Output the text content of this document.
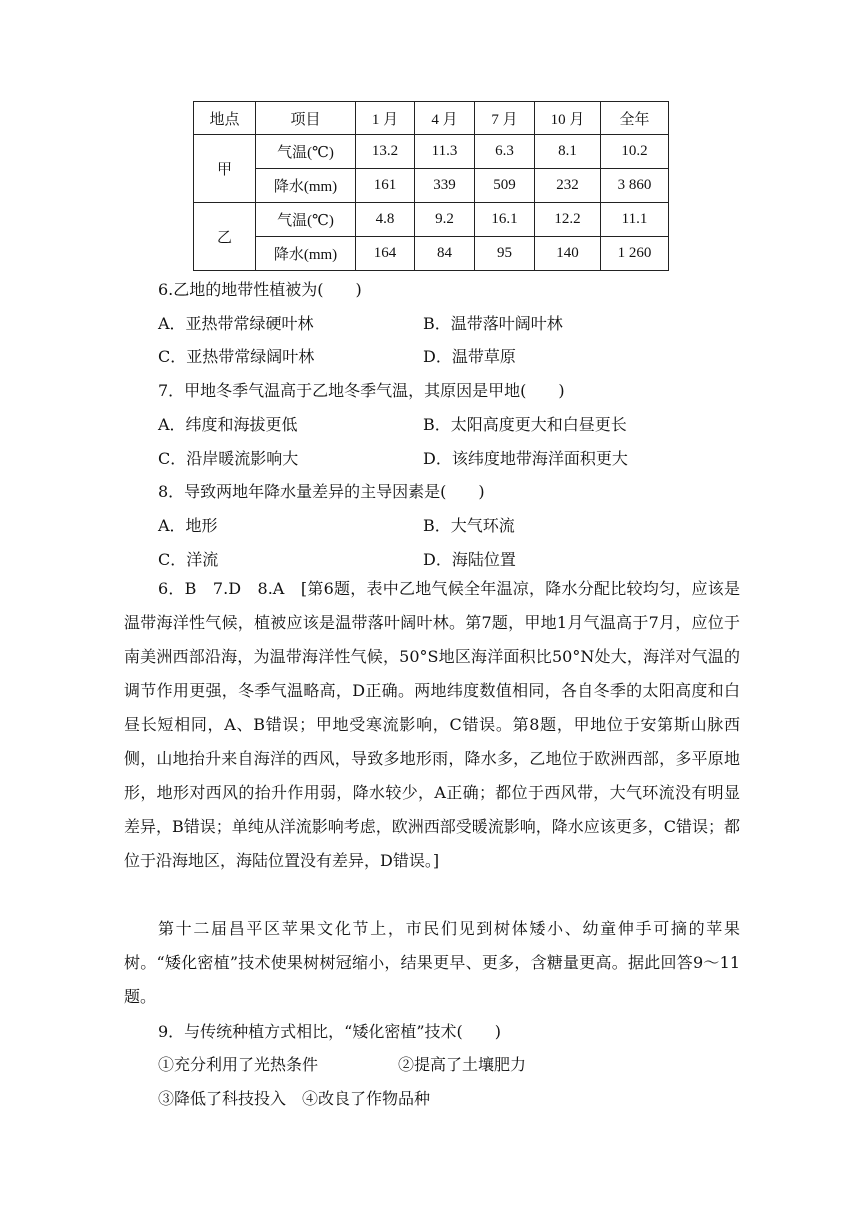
地点	项目	1 月	4 月	7 月	10 月	全年
甲	气温(℃)	13.2	11.3	6.3	8.1	10.2
	降水(mm)	161	339	509	232	3 860
乙	气温(℃)	4.8	9.2	16.1	12.2	11.1
	降水(mm)	164	84	95	140	1 260
6.乙地的地带性植被为(　　)
A．亚热带常绿硬叶林	B．温带落叶阔叶林
C．亚热带常绿阔叶林	D．温带草原
7．甲地冬季气温高于乙地冬季气温，其原因是甲地(　　)
A．纬度和海拔更低	B．太阳高度更大和白昼更长
C．沿岸暖流影响大	D．该纬度地带海洋面积更大
8．导致两地年降水量差异的主导因素是(　　)
A．地形	B．大气环流
C．洋流	D．海陆位置

6．B　7.D　8.A　[第6题，表中乙地气候全年温凉，降水分配比较均匀，应该是温带海洋性气候，植被应该是温带落叶阔叶林。第7题，甲地1月气温高于7月，应位于南美洲西部沿海，为温带海洋性气候，50°S地区海洋面积比50°N处大，海洋对气温的调节作用更强，冬季气温略高，D正确。两地纬度数值相同，各自冬季的太阳高度和白昼长短相同，A、B错误；甲地受寒流影响，C错误。第8题，甲地位于安第斯山脉西侧，山地抬升来自海洋的西风，导致多地形雨，降水多，乙地位于欧洲西部，多平原地形，地形对西风的抬升作用弱，降水较少，A正确；都位于西风带，大气环流没有明显差异，B错误；单纯从洋流影响考虑，欧洲西部受暖流影响，降水应该更多，C错误；都位于沿海地区，海陆位置没有差异，D错误。]

第十二届昌平区苹果文化节上，市民们见到树体矮小、幼童伸手可摘的苹果树。“矮化密植”技术使果树树冠缩小，结果更早、更多，含糖量更高。据此回答9～11题。

9．与传统种植方式相比，“矮化密植”技术(　　)
①充分利用了光热条件	②提高了土壤肥力
③降低了科技投入　④改良了作物品种
